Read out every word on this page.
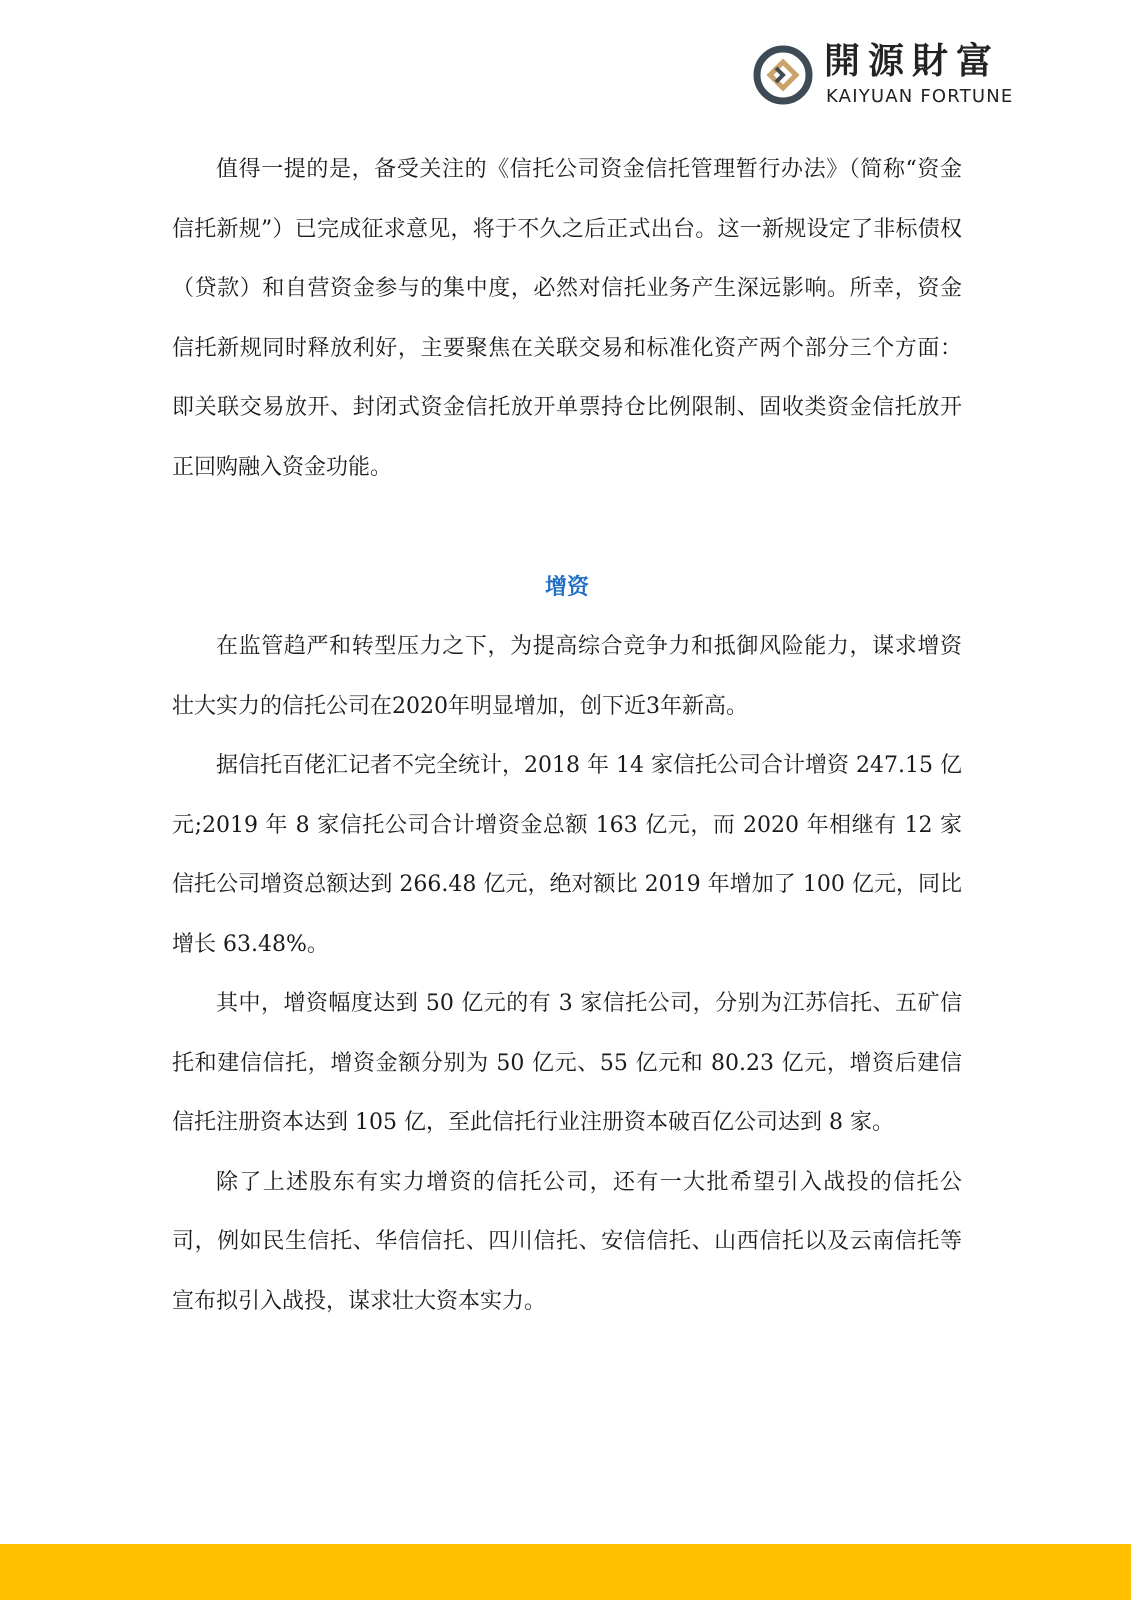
開源財富
KAIYUAN FORTUNE

值得一提的是，备受关注的《信托公司资金信托管理暂行办法》（简称“资金信托新规”）已完成征求意见，将于不久之后正式出台。这一新规设定了非标债权（贷款）和自营资金参与的集中度，必然对信托业务产生深远影响。所幸，资金信托新规同时释放利好，主要聚焦在关联交易和标准化资产两个部分三个方面：即关联交易放开、封闭式资金信托放开单票持仓比例限制、固收类资金信托放开正回购融入资金功能。

增资

在监管趋严和转型压力之下，为提高综合竞争力和抵御风险能力，谋求增资壮大实力的信托公司在2020年明显增加，创下近3年新高。

据信托百佬汇记者不完全统计，2018 年 14 家信托公司合计增资 247.15 亿元;2019 年 8 家信托公司合计增资金总额 163 亿元，而 2020 年相继有 12 家信托公司增资总额达到 266.48 亿元，绝对额比 2019 年增加了 100 亿元，同比增长 63.48%。

其中，增资幅度达到 50 亿元的有 3 家信托公司，分别为江苏信托、五矿信托和建信信托，增资金额分别为 50 亿元、55 亿元和 80.23 亿元，增资后建信信托注册资本达到 105 亿，至此信托行业注册资本破百亿公司达到 8 家。

除了上述股东有实力增资的信托公司，还有一大批希望引入战投的信托公司，例如民生信托、华信信托、四川信托、安信信托、山西信托以及云南信托等宣布拟引入战投，谋求壮大资本实力。
